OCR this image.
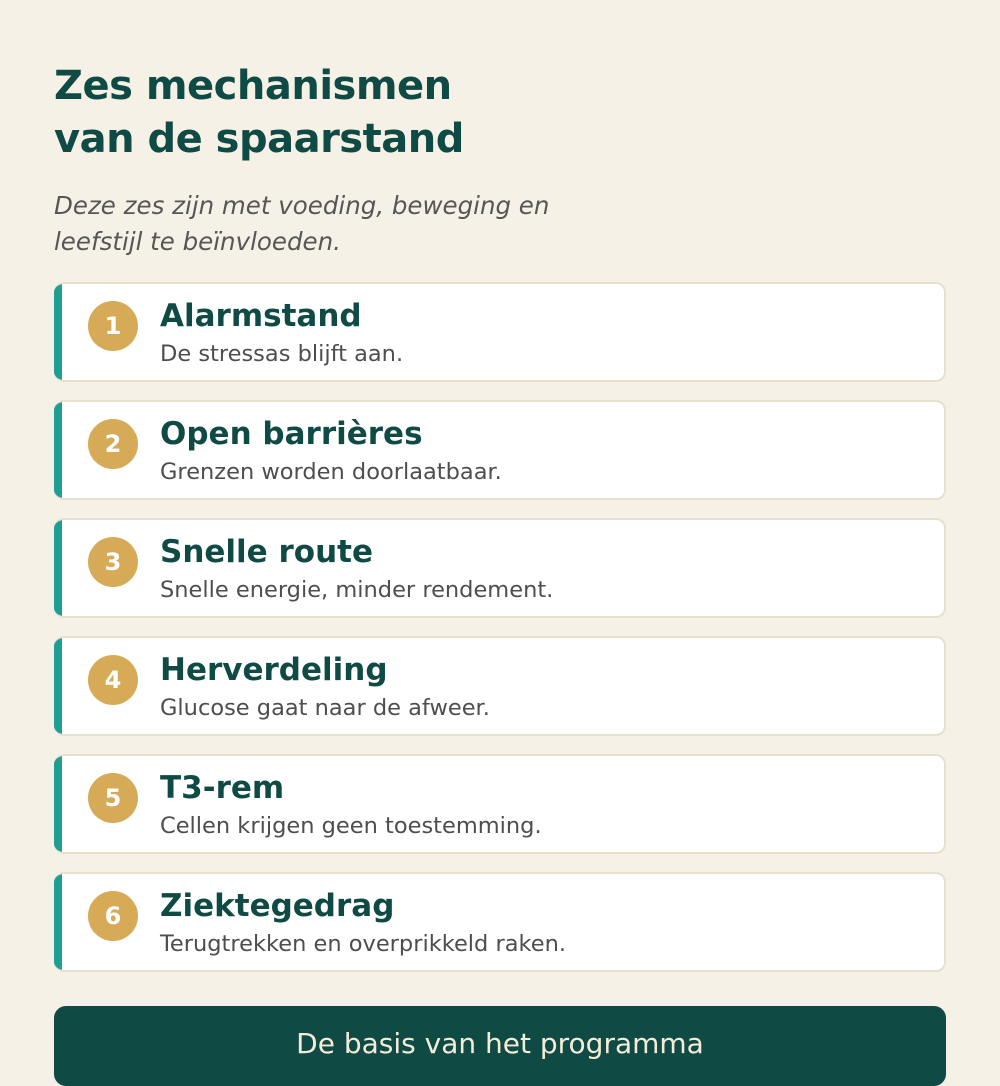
Zes mechanismen
van de spaarstand

Deze zes zijn met voeding, beweging en leefstijl te beïnvloeden.

1	Alarmstand
De stressas blijft aan.
2	Open barrières
Grenzen worden doorlaatbaar.
3	Snelle route
Snelle energie, minder rendement.
4	Herverdeling
Glucose gaat naar de afweer.
5	T3-rem
Cellen krijgen geen toestemming.
6	Ziektegedrag
Terugtrekken en overprikkeld raken.
De basis van het programma
